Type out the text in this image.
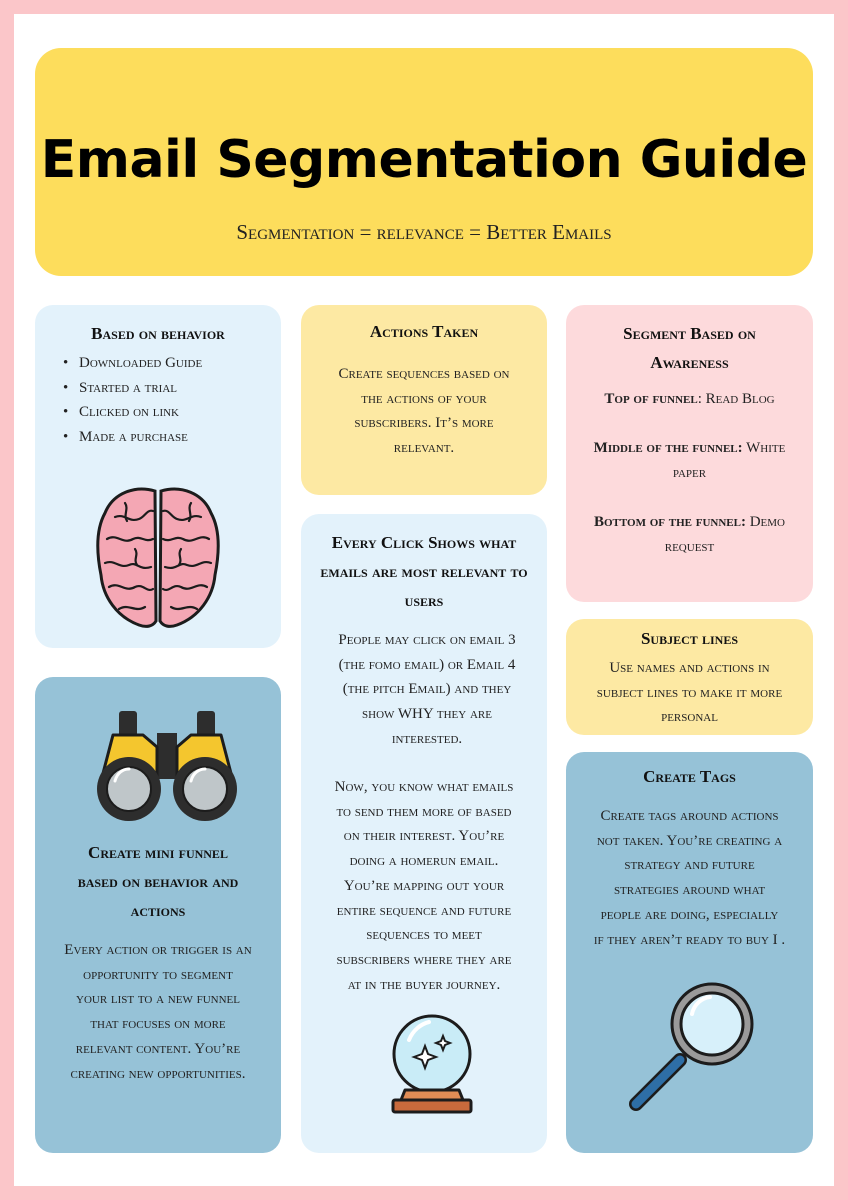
Email Segmentation Guide
Segmentation = relevance = Better Emails
Based on behavior
• Downloaded Guide
• Started a trial
• Clicked on link
• Made a purchase
Actions Taken
Create sequences based on
the actions of your
subscribers. It’s more
relevant.
Every Click Shows what
emails are most relevant to
users
People may click on email 3
(the fomo email) or Email 4
(the pitch Email) and they
show WHY they are
interested.
Now, you know what emails
to send them more of based
on their interest. You’re
doing a homerun email.
You’re mapping out your
entire sequence and future
sequences to meet
subscribers where they are
at in the buyer journey.
Segment Based on
Awareness
Top of funnel: Read Blog
Middle of the funnel: White
paper
Bottom of the funnel: Demo
request
Subject lines
Use names and actions in
subject lines to make it more
personal
Create Tags
Create tags around actions
not taken. You’re creating a
strategy and future
strategies around what
people are doing, especially
if they aren’t ready to buy I .
Create mini funnel
based on behavior and
actions
Every action or trigger is an
opportunity to segment
your list to a new funnel
that focuses on more
relevant content. You’re
creating new opportunities.
